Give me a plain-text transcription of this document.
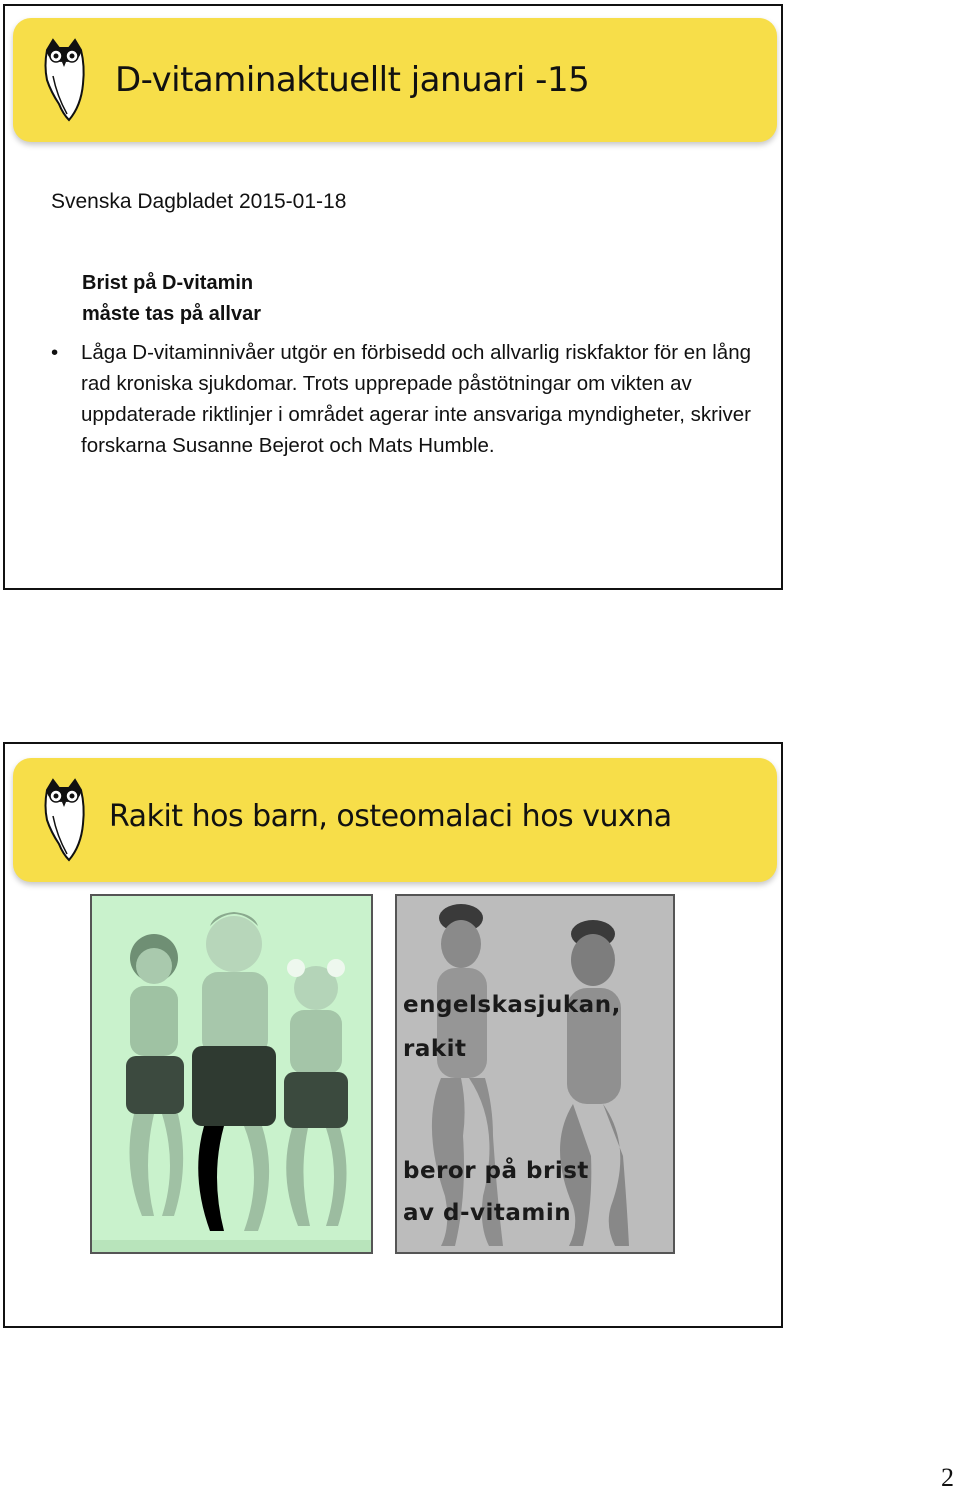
D-vitaminaktuellt januari -15
Svenska Dagbladet 2015-01-18
Brist på D-vitamin
måste tas på allvar
• Låga D-vitaminnivåer utgör en förbisedd och allvarlig riskfaktor för en lång rad kroniska sjukdomar. Trots upprepade påstötningar om vikten av uppdaterade riktlinjer i området agerar inte ansvariga myndigheter, skriver forskarna Susanne Bejerot och Mats Humble.
Rakit hos barn, osteomalaci hos vuxna
engelskasjukan,
rakit
beror på brist
av d-vitamin
2
